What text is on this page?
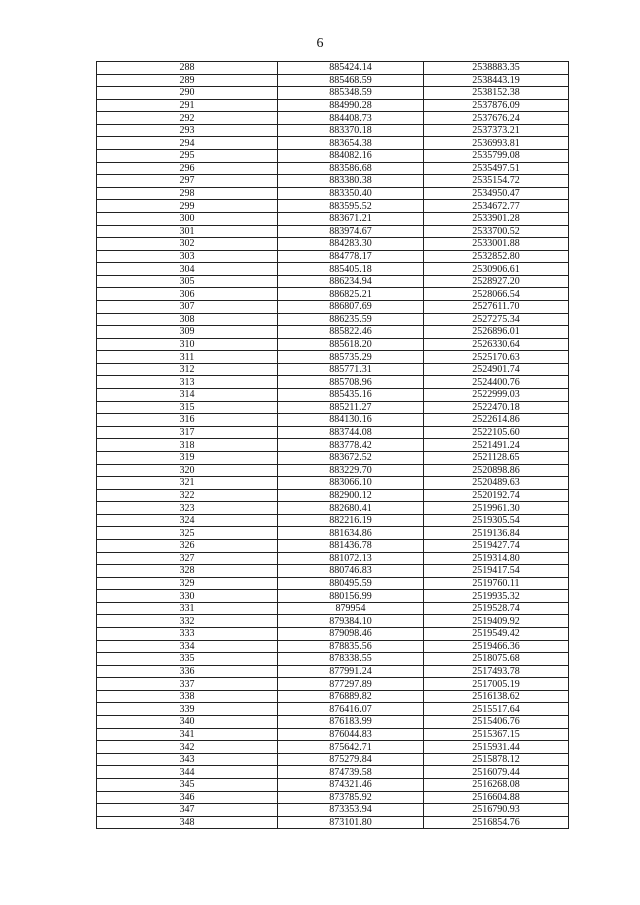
6
288	885424.14	2538883.35
289	885468.59	2538443.19
290	885348.59	2538152.38
291	884990.28	2537876.09
292	884408.73	2537676.24
293	883370.18	2537373.21
294	883654.38	2536993.81
295	884082.16	2535799.08
296	883586.68	2535497.51
297	883380.38	2535154.72
298	883350.40	2534950.47
299	883595.52	2534672.77
300	883671.21	2533901.28
301	883974.67	2533700.52
302	884283.30	2533001.88
303	884778.17	2532852.80
304	885405.18	2530906.61
305	886234.94	2528927.20
306	886825.21	2528066.54
307	886807.69	2527611.70
308	886235.59	2527275.34
309	885822.46	2526896.01
310	885618.20	2526330.64
311	885735.29	2525170.63
312	885771.31	2524901.74
313	885708.96	2524400.76
314	885435.16	2522999.03
315	885211.27	2522470.18
316	884130.16	2522614.86
317	883744.08	2522105.60
318	883778.42	2521491.24
319	883672.52	2521128.65
320	883229.70	2520898.86
321	883066.10	2520489.63
322	882900.12	2520192.74
323	882680.41	2519961.30
324	882216.19	2519305.54
325	881634.86	2519136.84
326	881436.78	2519427.74
327	881072.13	2519314.80
328	880746.83	2519417.54
329	880495.59	2519760.11
330	880156.99	2519935.32
331	879954	2519528.74
332	879384.10	2519409.92
333	879098.46	2519549.42
334	878835.56	2519466.36
335	878338.55	2518075.68
336	877991.24	2517493.78
337	877297.89	2517005.19
338	876889.82	2516138.62
339	876416.07	2515517.64
340	876183.99	2515406.76
341	876044.83	2515367.15
342	875642.71	2515931.44
343	875279.84	2515878.12
344	874739.58	2516079.44
345	874321.46	2516268.08
346	873785.92	2516604.88
347	873353.94	2516790.93
348	873101.80	2516854.76
